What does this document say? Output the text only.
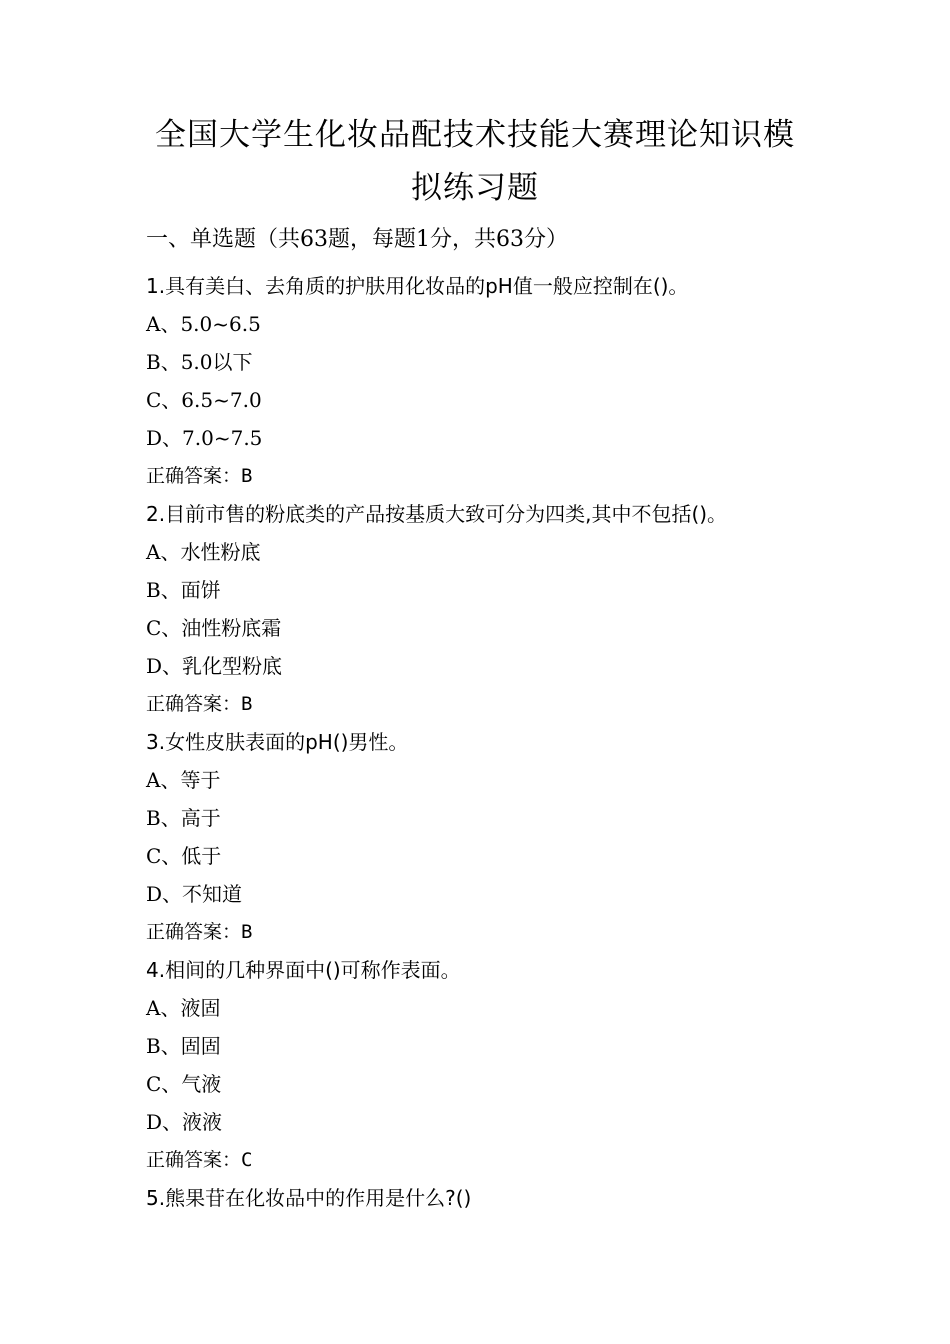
全国大学生化妆品配技术技能大赛理论知识模
拟练习题
一、单选题（共63题，每题1分，共63分）
1.具有美白、去角质的护肤用化妆品的pH值一般应控制在()。
A、5.0~6.5
B、5.0以下
C、6.5~7.0
D、7.0~7.5
正确答案：B
2.目前市售的粉底类的产品按基质大致可分为四类,其中不包括()。
A、水性粉底
B、面饼
C、油性粉底霜
D、乳化型粉底
正确答案：B
3.女性皮肤表面的pH()男性。
A、等于
B、高于
C、低于
D、不知道
正确答案：B
4.相间的几种界面中()可称作表面。
A、液固
B、固固
C、气液
D、液液
正确答案：C
5.熊果苷在化妆品中的作用是什么?()
